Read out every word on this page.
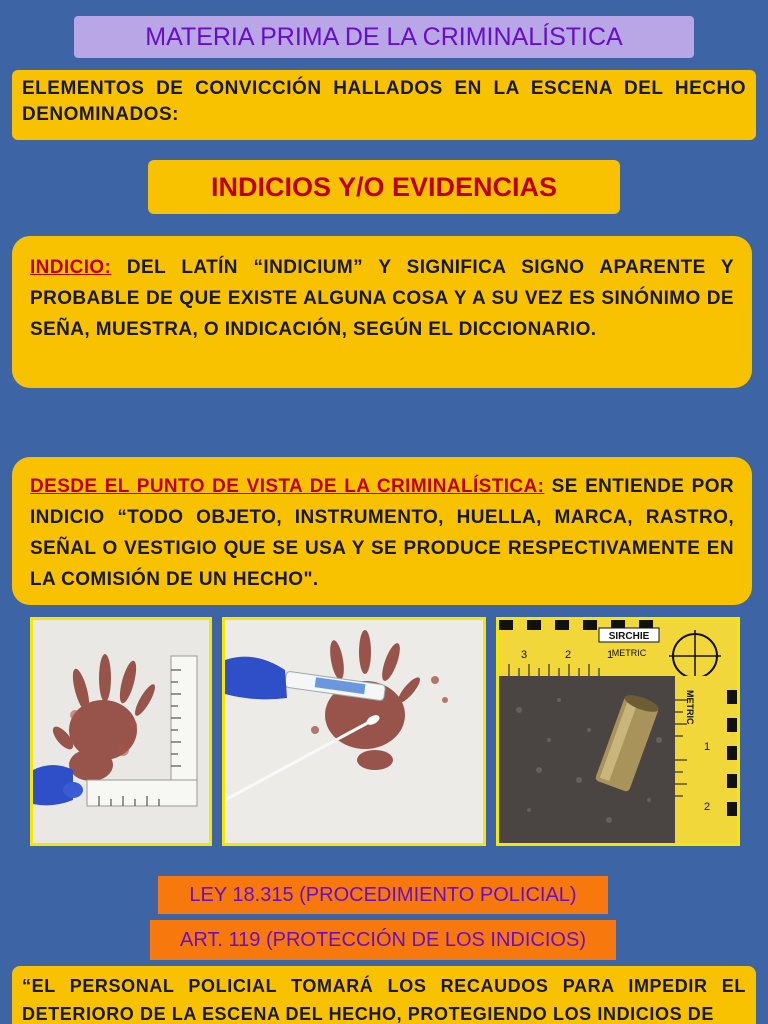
MATERIA PRIMA DE LA CRIMINALÍSTICA
ELEMENTOS DE CONVICCIÓN HALLADOS EN LA ESCENA DEL HECHO DENOMINADOS:
INDICIOS Y/O EVIDENCIAS
INDICIO: DEL LATÍN “INDICIUM” Y SIGNIFICA SIGNO APARENTE Y PROBABLE DE QUE EXISTE ALGUNA COSA Y A SU VEZ ES SINÓNIMO DE SEÑA, MUESTRA, O INDICACIÓN, SEGÚN EL DICCIONARIO.
DESDE EL PUNTO DE VISTA DE LA CRIMINALÍSTICA: SE ENTIENDE POR INDICIO “TODO OBJETO, INSTRUMENTO, HUELLA, MARCA, RASTRO, SEÑAL O VESTIGIO QUE SE USA Y SE PRODUCE RESPECTIVAMENTE EN LA COMISIÓN DE UN HECHO".
SIRCHIE
METRIC
3	2	1
1
2
METRIC
LEY 18.315 (PROCEDIMIENTO POLICIAL)
ART. 119 (PROTECCIÓN DE LOS INDICIOS)
“EL PERSONAL POLICIAL TOMARÁ LOS RECAUDOS PARA IMPEDIR EL DETERIORO DE LA ESCENA DEL HECHO, PROTEGIENDO LOS INDICIOS DE
